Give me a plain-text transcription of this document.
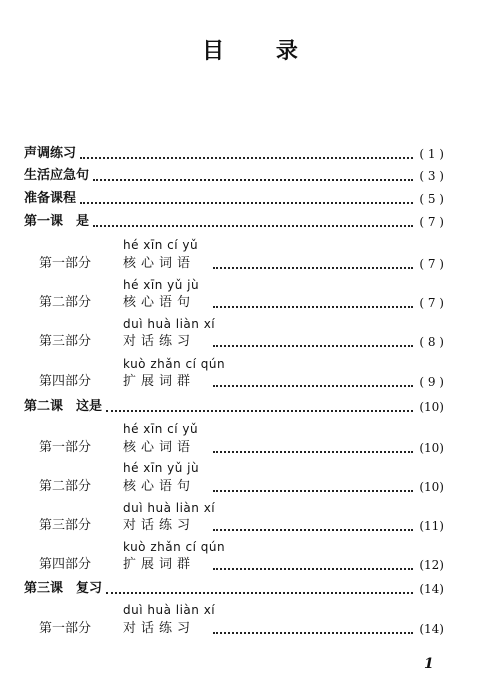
目 录
声调练习	( 1 )
生活应急句	( 3 )
准备课程	( 5 )
第一课　是	( 7 )
hé xīn cí yǔ
第一部分	核心词语	( 7 )
hé xīn yǔ jù
第二部分	核心语句	( 7 )
duì huà liàn xí
第三部分	对话练习	( 8 )
kuò zhǎn cí qún
第四部分	扩展词群	( 9 )
第二课　这是	(10)
hé xīn cí yǔ
第一部分	核心词语	(10)
hé xīn yǔ jù
第二部分	核心语句	(10)
duì huà liàn xí
第三部分	对话练习	(11)
kuò zhǎn cí qún
第四部分	扩展词群	(12)
第三课　复习	(14)
duì huà liàn xí
第一部分	对话练习	(14)
1
